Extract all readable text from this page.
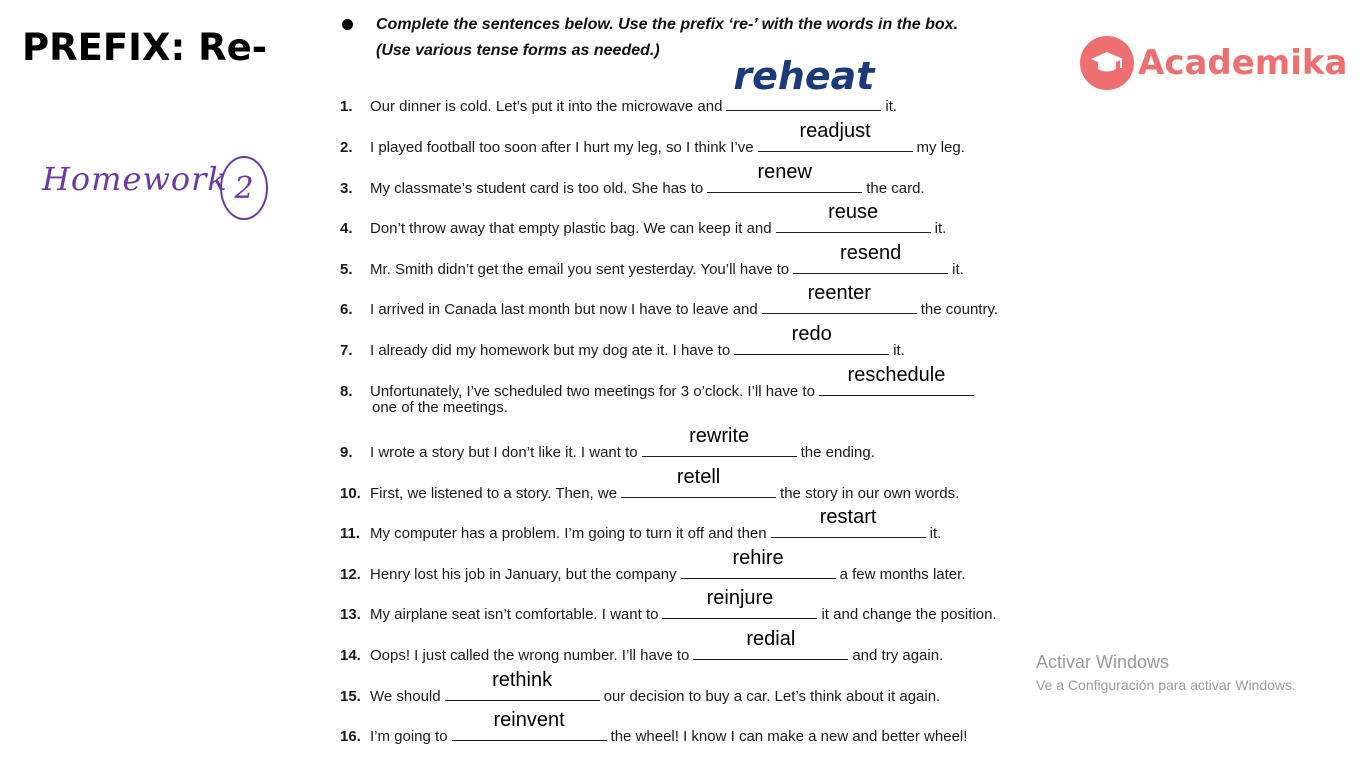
PREFIX: Re-
Homework 2
Academika
Complete the sentences below. Use the prefix ‘re-’ with the words in the box.
(Use various tense forms as needed.)
1. Our dinner is cold. Let’s put it into the microwave and
reheat
it.
2. I played football too soon after I hurt my leg, so I think I’ve
readjust
my leg.
3. My classmate’s student card is too old. She has to
renew
the card.
4. Don’t throw away that empty plastic bag. We can keep it and
reuse
it.
5. Mr. Smith didn’t get the email you sent yesterday. You’ll have to
resend
it.
6. I arrived in Canada last month but now I have to leave and
reenter
the country.
7. I already did my homework but my dog ate it. I have to
redo
it.
8. Unfortunately, I’ve scheduled two meetings for 3 o’clock. I’ll have to
reschedule
one of the meetings.
9. I wrote a story but I don’t like it. I want to
rewrite
the ending.
10. First, we listened to a story. Then, we
retell
the story in our own words.
11. My computer has a problem. I’m going to turn it off and then
restart
it.
12. Henry lost his job in January, but the company
rehire
a few months later.
13. My airplane seat isn’t comfortable. I want to
reinjure
it and change the position.
14. Oops! I just called the wrong number. I’ll have to
redial
and try again.
15. We should
rethink
our decision to buy a car. Let’s think about it again.
16. I’m going to
reinvent
the wheel! I know I can make a new and better wheel!
Activar Windows
Ve a Configuración para activar Windows.
